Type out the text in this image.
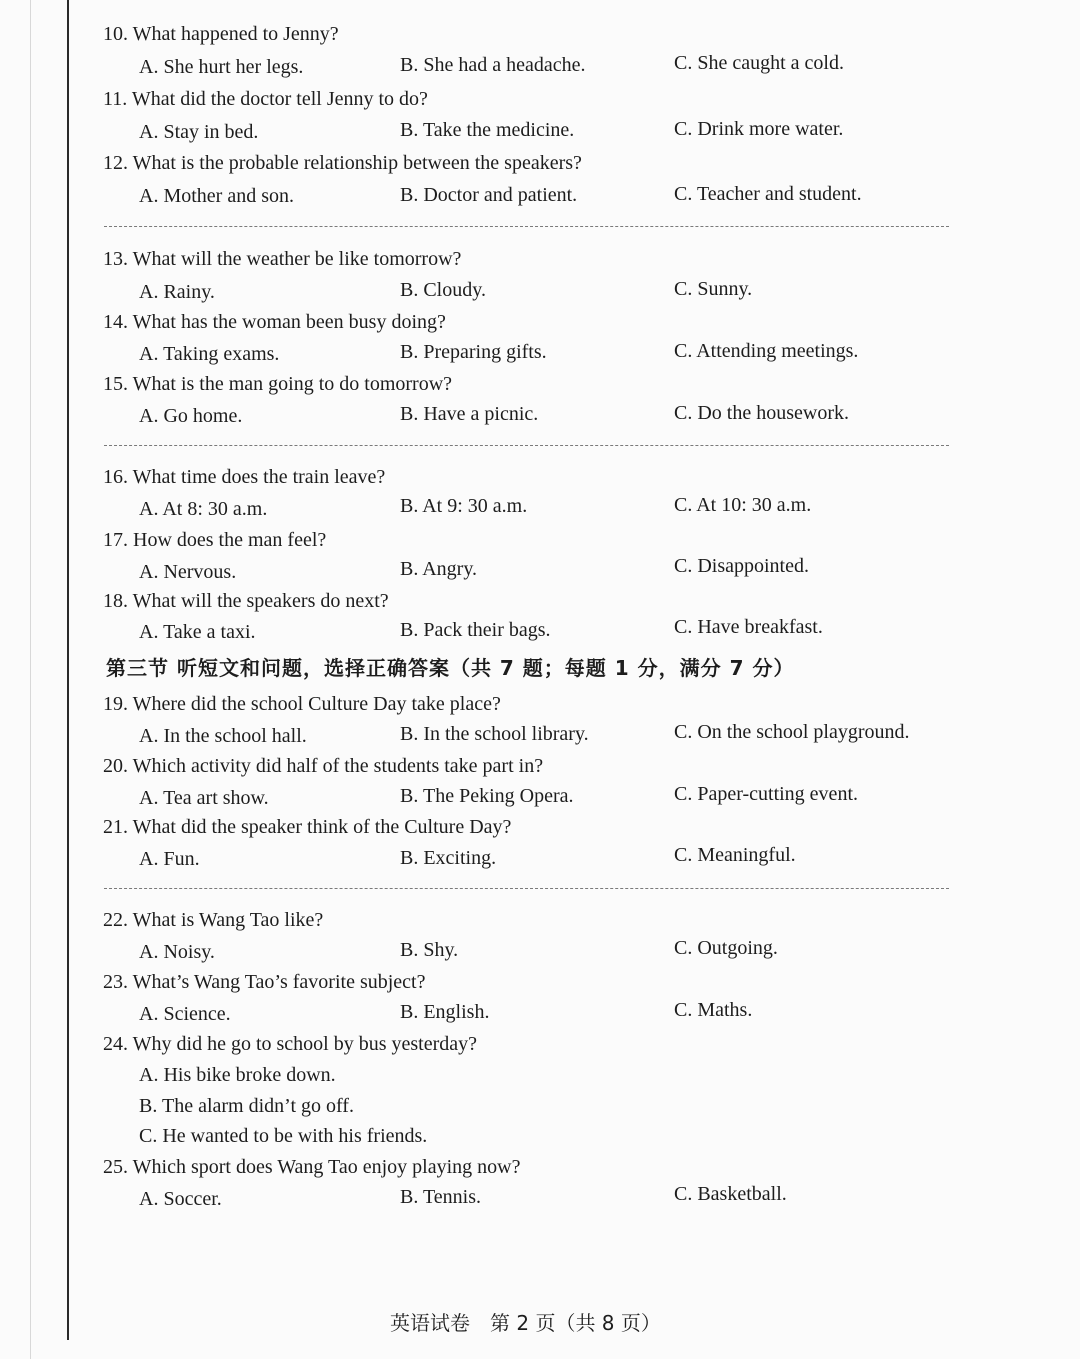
10. What happened to Jenny?
A. She hurt her legs.	B. She had a headache.	C. She caught a cold.
11. What did the doctor tell Jenny to do?
A. Stay in bed.	B. Take the medicine.	C. Drink more water.
12. What is the probable relationship between the speakers?
A. Mother and son.	B. Doctor and patient.	C. Teacher and student.
13. What will the weather be like tomorrow?
A. Rainy.	B. Cloudy.	C. Sunny.
14. What has the woman been busy doing?
A. Taking exams.	B. Preparing gifts.	C. Attending meetings.
15. What is the man going to do tomorrow?
A. Go home.	B. Have a picnic.	C. Do the housework.
16. What time does the train leave?
A. At 8: 30 a.m.	B. At 9: 30 a.m.	C. At 10: 30 a.m.
17. How does the man feel?
A. Nervous.	B. Angry.	C. Disappointed.
18. What will the speakers do next?
A. Take a taxi.	B. Pack their bags.	C. Have breakfast.
第三节 听短文和问题，选择正确答案（共 7 题；每题 1 分，满分 7 分）
19. Where did the school Culture Day take place?
A. In the school hall.	B. In the school library.	C. On the school playground.
20. Which activity did half of the students take part in?
A. Tea art show.	B. The Peking Opera.	C. Paper-cutting event.
21. What did the speaker think of the Culture Day?
A. Fun.	B. Exciting.	C. Meaningful.
22. What is Wang Tao like?
A. Noisy.	B. Shy.	C. Outgoing.
23. What’s Wang Tao’s favorite subject?
A. Science.	B. English.	C. Maths.
24. Why did he go to school by bus yesterday?
A. His bike broke down.
B. The alarm didn’t go off.
C. He wanted to be with his friends.
25. Which sport does Wang Tao enjoy playing now?
A. Soccer.	B. Tennis.	C. Basketball.
英语试卷　第 2 页（共 8 页）
